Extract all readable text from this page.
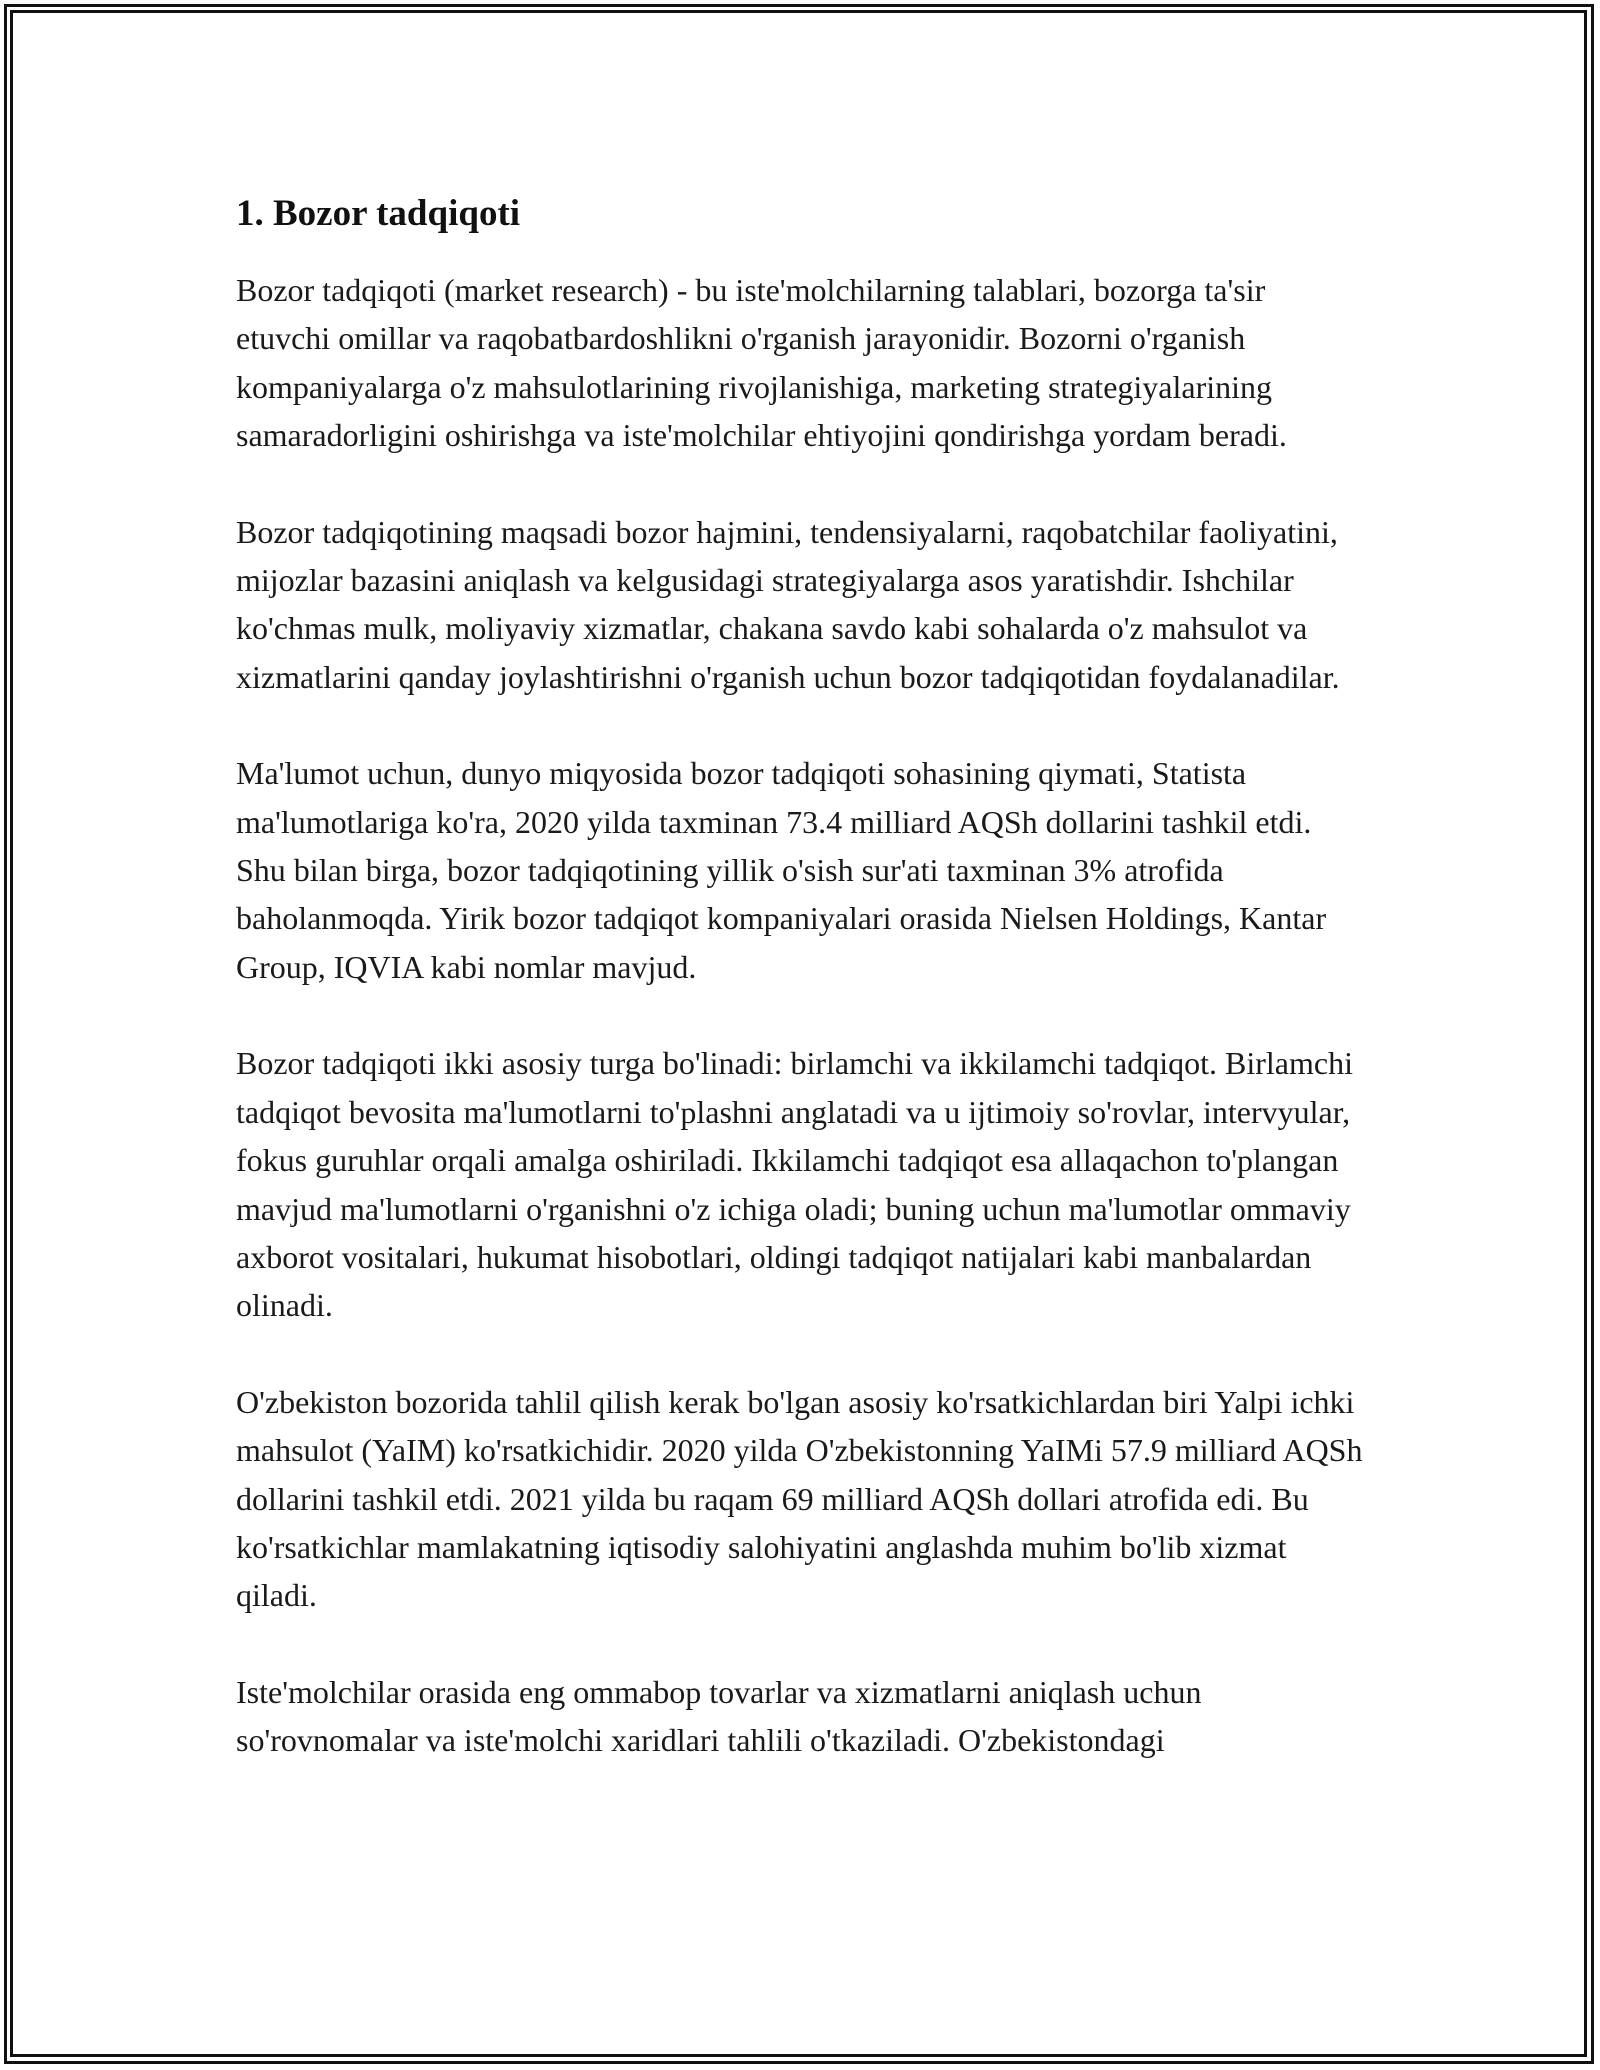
1. Bozor tadqiqoti

Bozor tadqiqoti (market research) - bu iste'molchilarning talablari, bozorga ta'sir etuvchi omillar va raqobatbardoshlikni o'rganish jarayonidir. Bozorni o'rganish kompaniyalarga o'z mahsulotlarining rivojlanishiga, marketing strategiyalarining samaradorligini oshirishga va iste'molchilar ehtiyojini qondirishga yordam beradi.

Bozor tadqiqotining maqsadi bozor hajmini, tendensiyalarni, raqobatchilar faoliyatini, mijozlar bazasini aniqlash va kelgusidagi strategiyalarga asos yaratishdir. Ishchilar ko'chmas mulk, moliyaviy xizmatlar, chakana savdo kabi sohalarda o'z mahsulot va xizmatlarini qanday joylashtirishni o'rganish uchun bozor tadqiqotidan foydalanadilar.

Ma'lumot uchun, dunyo miqyosida bozor tadqiqoti sohasining qiymati, Statista ma'lumotlariga ko'ra, 2020 yilda taxminan 73.4 milliard AQSh dollarini tashkil etdi. Shu bilan birga, bozor tadqiqotining yillik o'sish sur'ati taxminan 3% atrofida baholanmoqda. Yirik bozor tadqiqot kompaniyalari orasida Nielsen Holdings, Kantar Group, IQVIA kabi nomlar mavjud.

Bozor tadqiqoti ikki asosiy turga bo'linadi: birlamchi va ikkilamchi tadqiqot. Birlamchi tadqiqot bevosita ma'lumotlarni to'plashni anglatadi va u ijtimoiy so'rovlar, intervyular, fokus guruhlar orqali amalga oshiriladi. Ikkilamchi tadqiqot esa allaqachon to'plangan mavjud ma'lumotlarni o'rganishni o'z ichiga oladi; buning uchun ma'lumotlar ommaviy axborot vositalari, hukumat hisobotlari, oldingi tadqiqot natijalari kabi manbalardan olinadi.

O'zbekiston bozorida tahlil qilish kerak bo'lgan asosiy ko'rsatkichlardan biri Yalpi ichki mahsulot (YaIM) ko'rsatkichidir. 2020 yilda O'zbekistonning YaIMi 57.9 milliard AQSh dollarini tashkil etdi. 2021 yilda bu raqam 69 milliard AQSh dollari atrofida edi. Bu ko'rsatkichlar mamlakatning iqtisodiy salohiyatini anglashda muhim bo'lib xizmat qiladi.

Iste'molchilar orasida eng ommabop tovarlar va xizmatlarni aniqlash uchun so'rovnomalar va iste'molchi xaridlari tahlili o'tkaziladi. O'zbekistondagi
